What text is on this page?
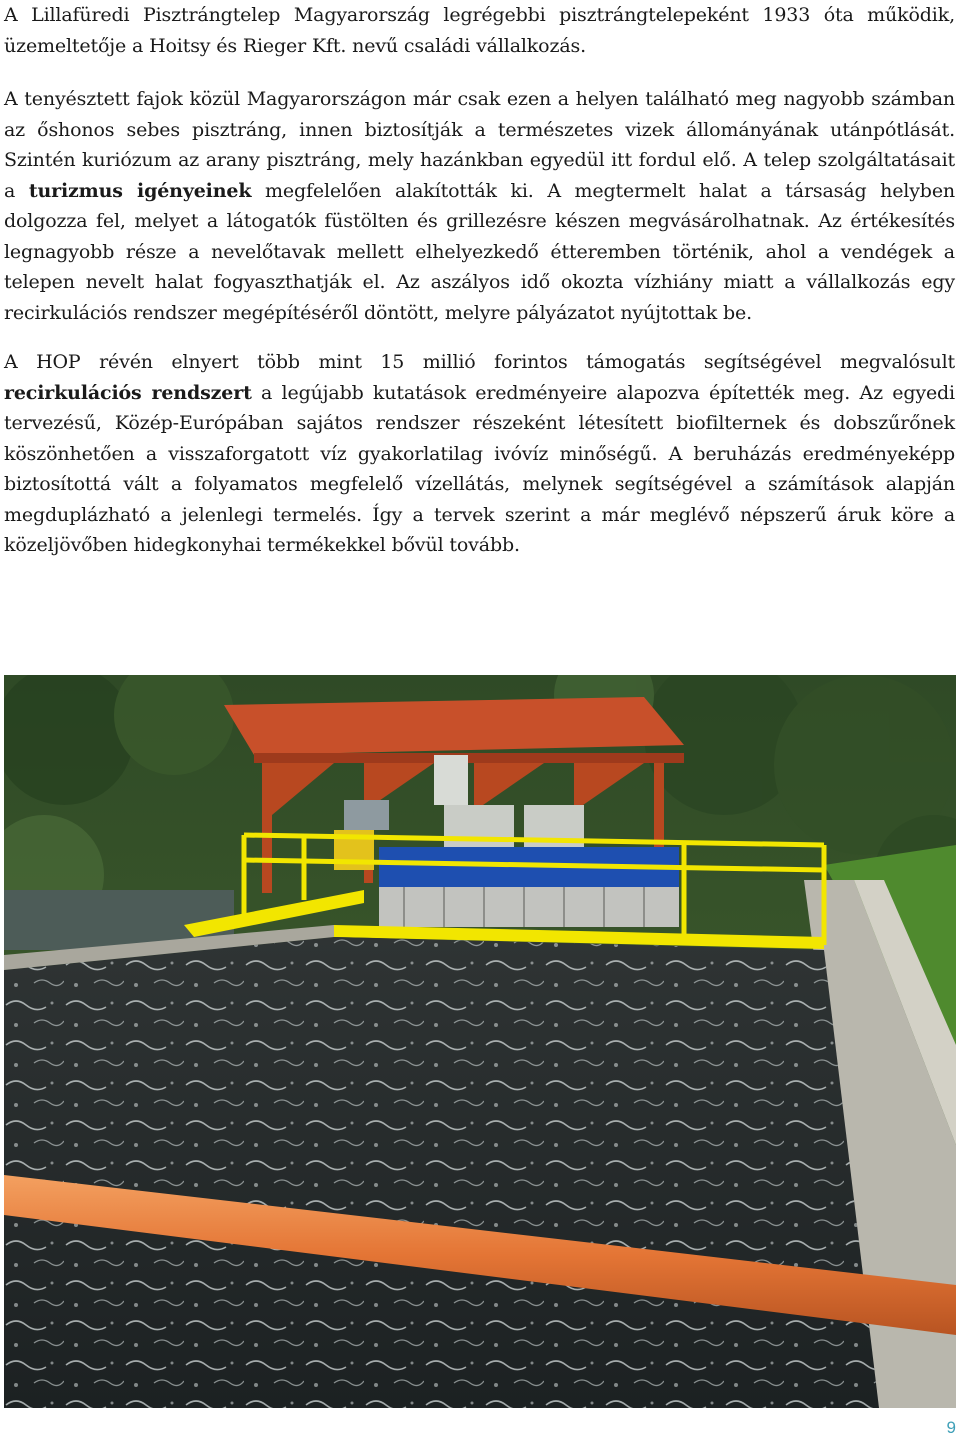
A Lillafüredi Pisztrángtelep Magyarország legrégebbi pisztrángtelepeként 1933 óta működik, üzemeltetője a Hoitsy és Rieger Kft. nevű családi vállalkozás.

A tenyésztett fajok közül Magyarországon már csak ezen a helyen található meg nagyobb számban az őshonos sebes pisztráng, innen biztosítják a természetes vizek állományának utánpótlását. Szintén kuriózum az arany pisztráng, mely hazánkban egyedül itt fordul elő. A telep szolgáltatásait a turizmus igényeinek megfelelően alakították ki. A megtermelt halat a társaság helyben dolgozza fel, melyet a látogatók füstölten és grillezésre készen megvásárolhatnak. Az értékesítés legnagyobb része a nevelőtavak mellett elhelyezkedő étteremben történik, ahol a vendégek a telepen nevelt halat fogyaszthatják el. Az aszályos idő okozta vízhiány miatt a vállalkozás egy recirkulációs rendszer megépítéséről döntött, melyre pályázatot nyújtottak be.

A HOP révén elnyert több mint 15 millió forintos támogatás segítségével megvalósult recirkulációs rendszert a legújabb kutatások eredményeire alapozva építették meg. Az egyedi tervezésű, Közép-Európában sajátos rendszer részeként létesített biofilternek és dobszűrőnek köszönhetően a visszaforgatott víz gyakorlatilag ivóvíz minőségű. A beruházás eredményeképp biztosítottá vált a folyamatos megfelelő vízellátás, melynek segítségével a számítások alapján megduplázható a jelenlegi termelés. Így a tervek szerint a már meglévő népszerű áruk köre a közeljövőben hidegkonyhai termékekkel bővül tovább.

9
